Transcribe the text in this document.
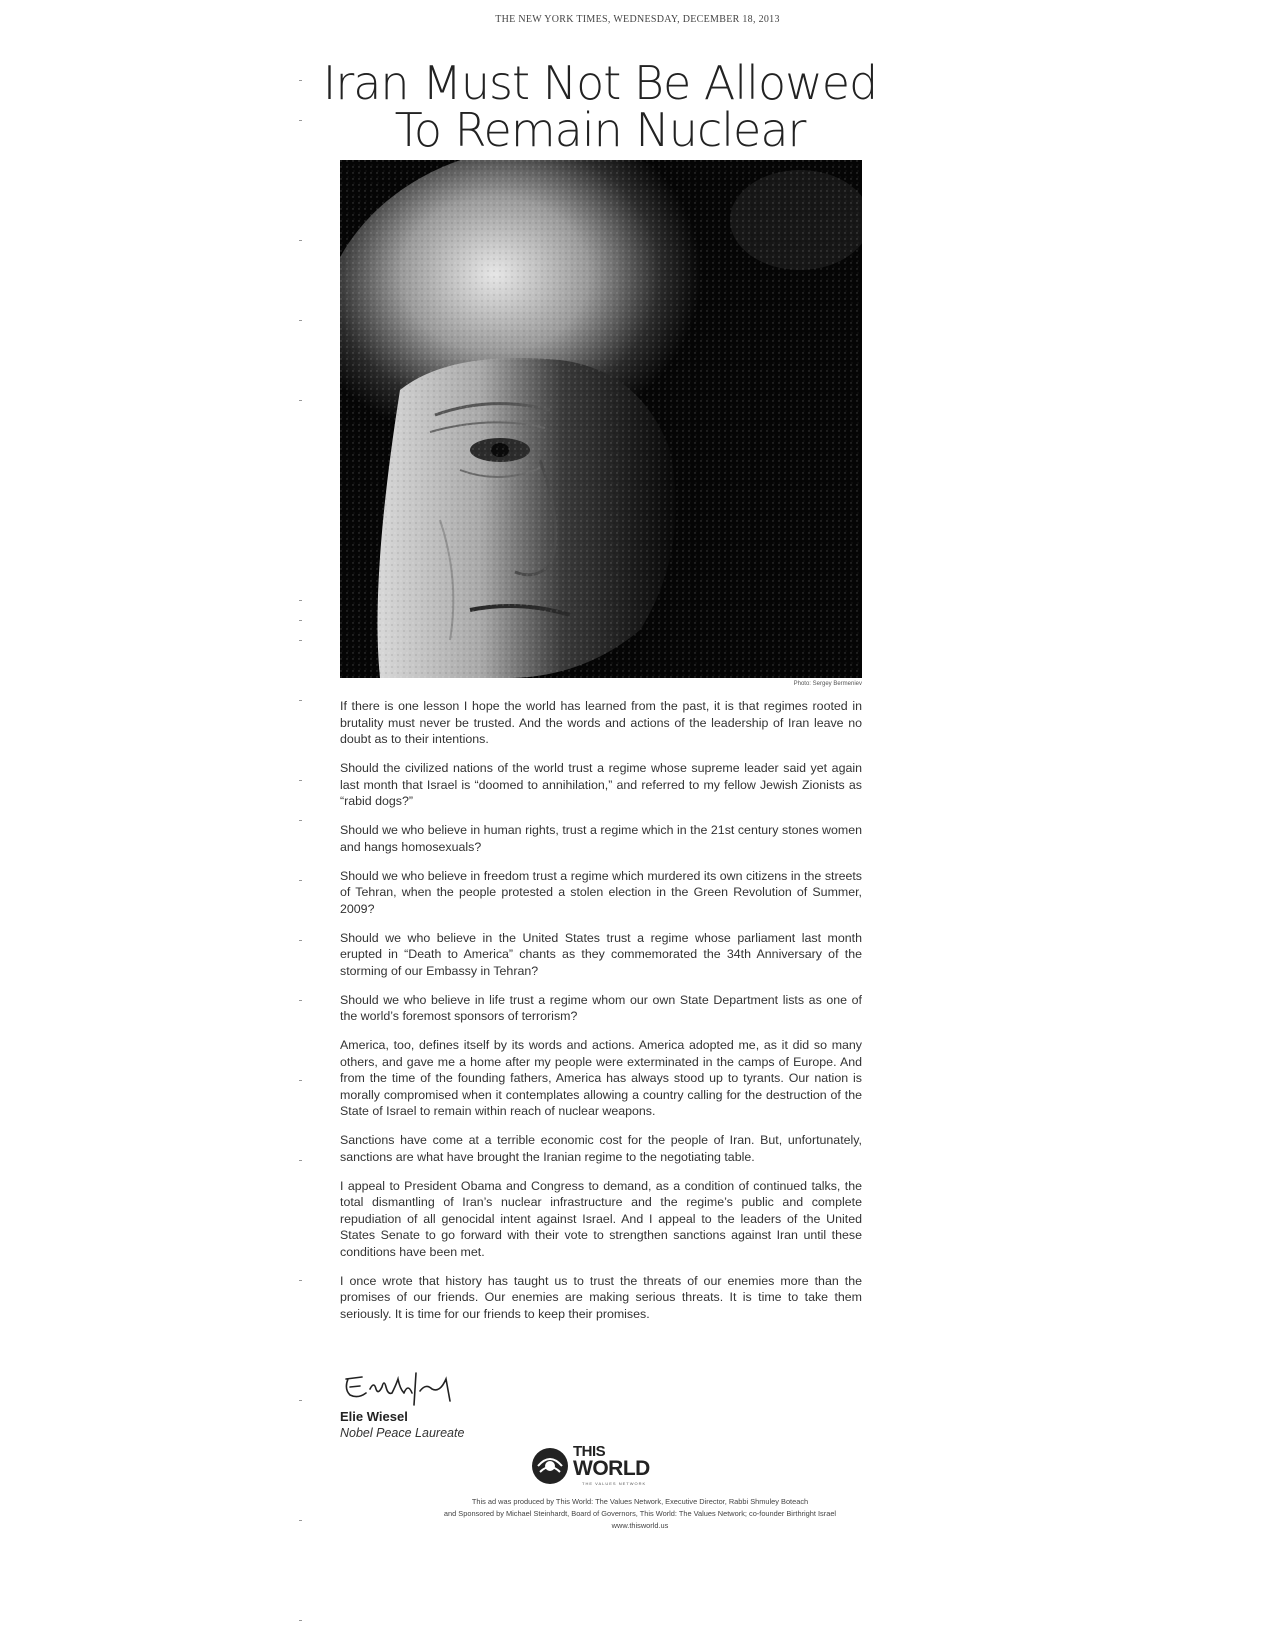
THE NEW YORK TIMES, WEDNESDAY, DECEMBER 18, 2013
Iran Must Not Be Allowed
To Remain Nuclear
Photo: Sergey Bermeniev

If there is one lesson I hope the world has learned from the past, it is that regimes rooted in brutality must never be trusted. And the words and actions of the leadership of Iran leave no doubt as to their intentions.

Should the civilized nations of the world trust a regime whose supreme leader said yet again last month that Israel is “doomed to annihilation,” and referred to my fellow Jewish Zionists as “rabid dogs?”

Should we who believe in human rights, trust a regime which in the 21st century stones women and hangs homosexuals?

Should we who believe in freedom trust a regime which murdered its own citizens in the streets of Tehran, when the people protested a stolen election in the Green Revolution of Summer, 2009?

Should we who believe in the United States trust a regime whose parliament last month erupted in “Death to America” chants as they commemorated the 34th Anniversary of the storming of our Embassy in Tehran?

Should we who believe in life trust a regime whom our own State Department lists as one of the world’s foremost sponsors of terrorism?

America, too, defines itself by its words and actions. America adopted me, as it did so many others, and gave me a home after my people were exterminated in the camps of Europe. And from the time of the founding fathers, America has always stood up to tyrants. Our nation is morally compromised when it contemplates allowing a country calling for the destruction of the State of Israel to remain within reach of nuclear weapons.

Sanctions have come at a terrible economic cost for the people of Iran. But, unfortunately, sanctions are what have brought the Iranian regime to the negotiating table.

I appeal to President Obama and Congress to demand, as a condition of continued talks, the total dismantling of Iran’s nuclear infrastructure and the regime’s public and complete repudiation of all genocidal intent against Israel. And I appeal to the leaders of the United States Senate to go forward with their vote to strengthen sanctions against Iran until these conditions have been met.

I once wrote that history has taught us to trust the threats of our enemies more than the promises of our friends. Our enemies are making serious threats. It is time to take them seriously. It is time for our friends to keep their promises.

Elie Wiesel
Nobel Peace Laureate
THIS
WORLD
THE VALUES NETWORK
This ad was produced by This World: The Values Network, Executive Director, Rabbi Shmuley Boteach
and Sponsored by Michael Steinhardt, Board of Governors, This World: The Values Network; co-founder Birthright Israel
www.thisworld.us
